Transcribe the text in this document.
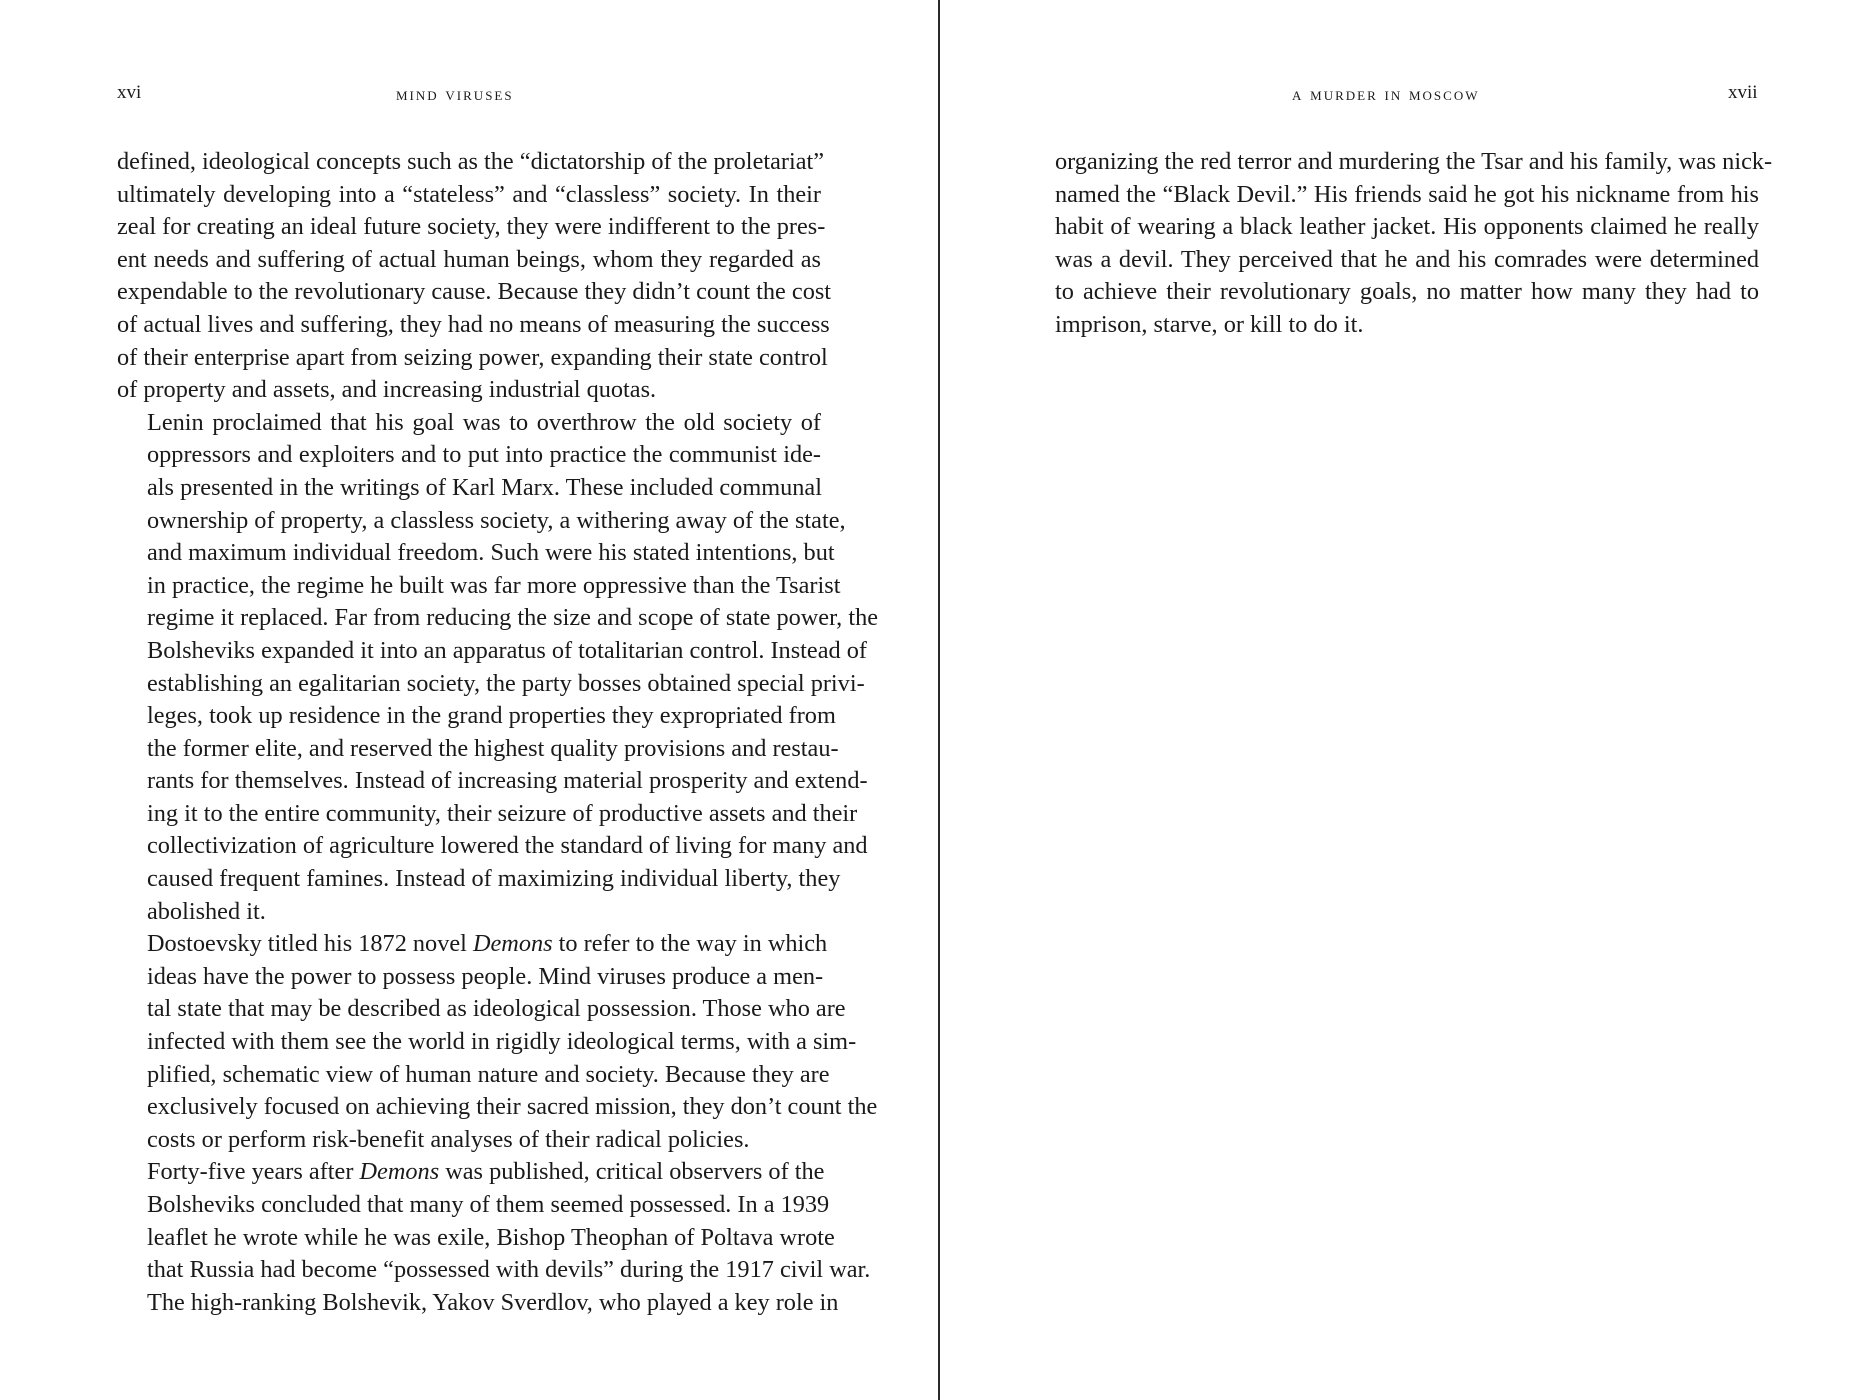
xvi	mind viruses

defined, ideological concepts such as the “dictatorship of the proletariat”
ultimately developing into a “stateless” and “classless” society. In their
zeal for creating an ideal future society, they were indifferent to the pres-
ent needs and suffering of actual human beings, whom they regarded as
expendable to the revolutionary cause. Because they didn’t count the cost
of actual lives and suffering, they had no means of measuring the success
of their enterprise apart from seizing power, expanding their state control
of property and assets, and increasing industrial quotas.

Lenin proclaimed that his goal was to overthrow the old society of
oppressors and exploiters and to put into practice the communist ide-
als presented in the writings of Karl Marx. These included communal
ownership of property, a classless society, a withering away of the state,
and maximum individual freedom. Such were his stated intentions, but
in practice, the regime he built was far more oppressive than the Tsarist
regime it replaced. Far from reducing the size and scope of state power, the
Bolsheviks expanded it into an apparatus of totalitarian control. Instead of
establishing an egalitarian society, the party bosses obtained special privi-
leges, took up residence in the grand properties they expropriated from
the former elite, and reserved the highest quality provisions and restau-
rants for themselves. Instead of increasing material prosperity and extend-
ing it to the entire community, their seizure of productive assets and their
collectivization of agriculture lowered the standard of living for many and
caused frequent famines. Instead of maximizing individual liberty, they
abolished it.

Dostoevsky titled his 1872 novel Demons to refer to the way in which
ideas have the power to possess people. Mind viruses produce a men-
tal state that may be described as ideological possession. Those who are
infected with them see the world in rigidly ideological terms, with a sim-
plified, schematic view of human nature and society. Because they are
exclusively focused on achieving their sacred mission, they don’t count the
costs or perform risk-benefit analyses of their radical policies.

Forty-five years after Demons was published, critical observers of the
Bolsheviks concluded that many of them seemed possessed. In a 1939
leaflet he wrote while he was exile, Bishop Theophan of Poltava wrote
that Russia had become “possessed with devils” during the 1917 civil war.
The high-ranking Bolshevik, Yakov Sverdlov, who played a key role in

a murder in moscow	xvii

organizing the red terror and murdering the Tsar and his family, was nick-
named the “Black Devil.” His friends said he got his nickname from his
habit of wearing a black leather jacket. His opponents claimed he really
was a devil. They perceived that he and his comrades were determined
to achieve their revolutionary goals, no matter how many they had to
imprison, starve, or kill to do it.
